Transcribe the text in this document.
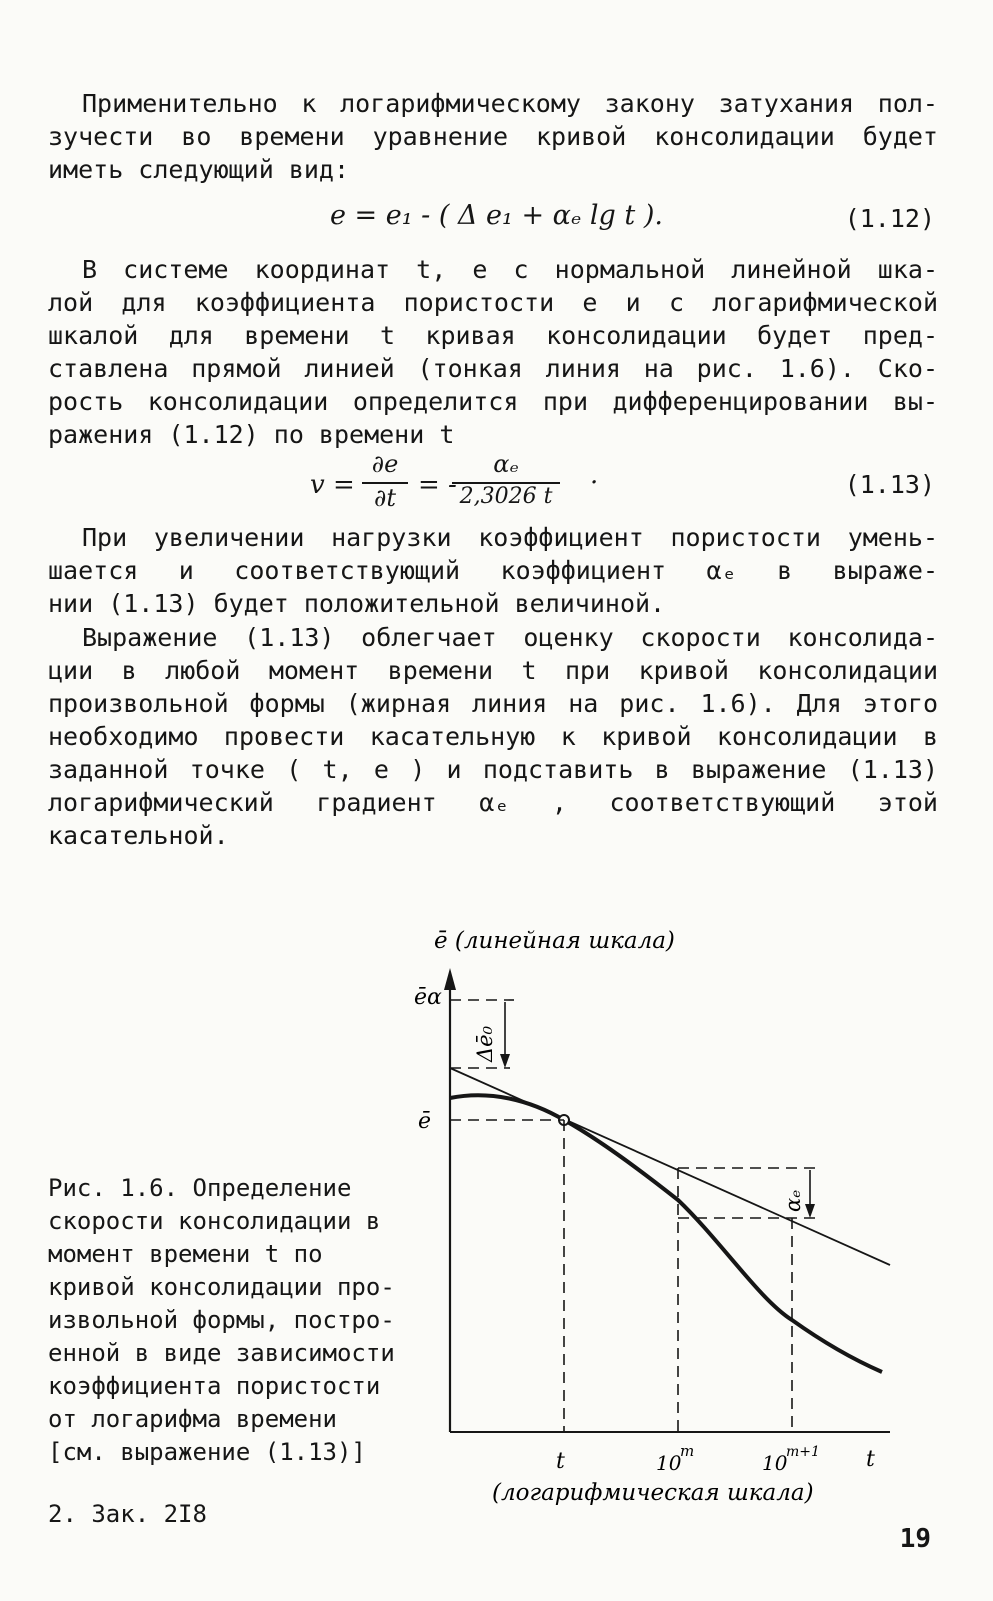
Применительно к логарифмическому закону затухания пол-
зучести во времени уравнение кривой консолидации будет
иметь следующий вид:
e = e₁ - ( Δ e₁ + αₑ lg t ).	(1.12)
В системе координат t, e с нормальной линейной шка-
лой для коэффициента пористости e и с логарифмической
шкалой для времени t кривая консолидации будет пред-
ставлена прямой линией (тонкая линия на рис. 1.6). Ско-
рость консолидации определится при дифференцировании вы-
ражения (1.12) по времени t
v =
∂e
∂t = -
αₑ
2,3026 t ·	(1.13)
При увеличении нагрузки коэффициент пористости умень-
шается и соответствующий коэффициент αₑ в выраже-
нии (1.13) будет положительной величиной.
Выражение (1.13) облегчает оценку скорости консолида-
ции в любой момент времени t при кривой консолидации
произвольной формы (жирная линия на рис. 1.6). Для этого
необходимо провести касательную к кривой консолидации в
заданной точке ( t, e ) и подставить в выражение (1.13)
логарифмический градиент αₑ , соответствующий этой
касательной.
ē (линейная шкала)
ēα
ē
Δē₀
αₑ
t	10
m	10
m+1 t
(логарифмическая шкала)
Рис. 1.6. Определение
скорости консолидации в
момент времени t по
кривой консолидации про-
извольной формы, постро-
енной в виде зависимости
коэффициента пористости
от логарифма времени
[см. выражение (1.13)]
2. Зак. 2I8
19
